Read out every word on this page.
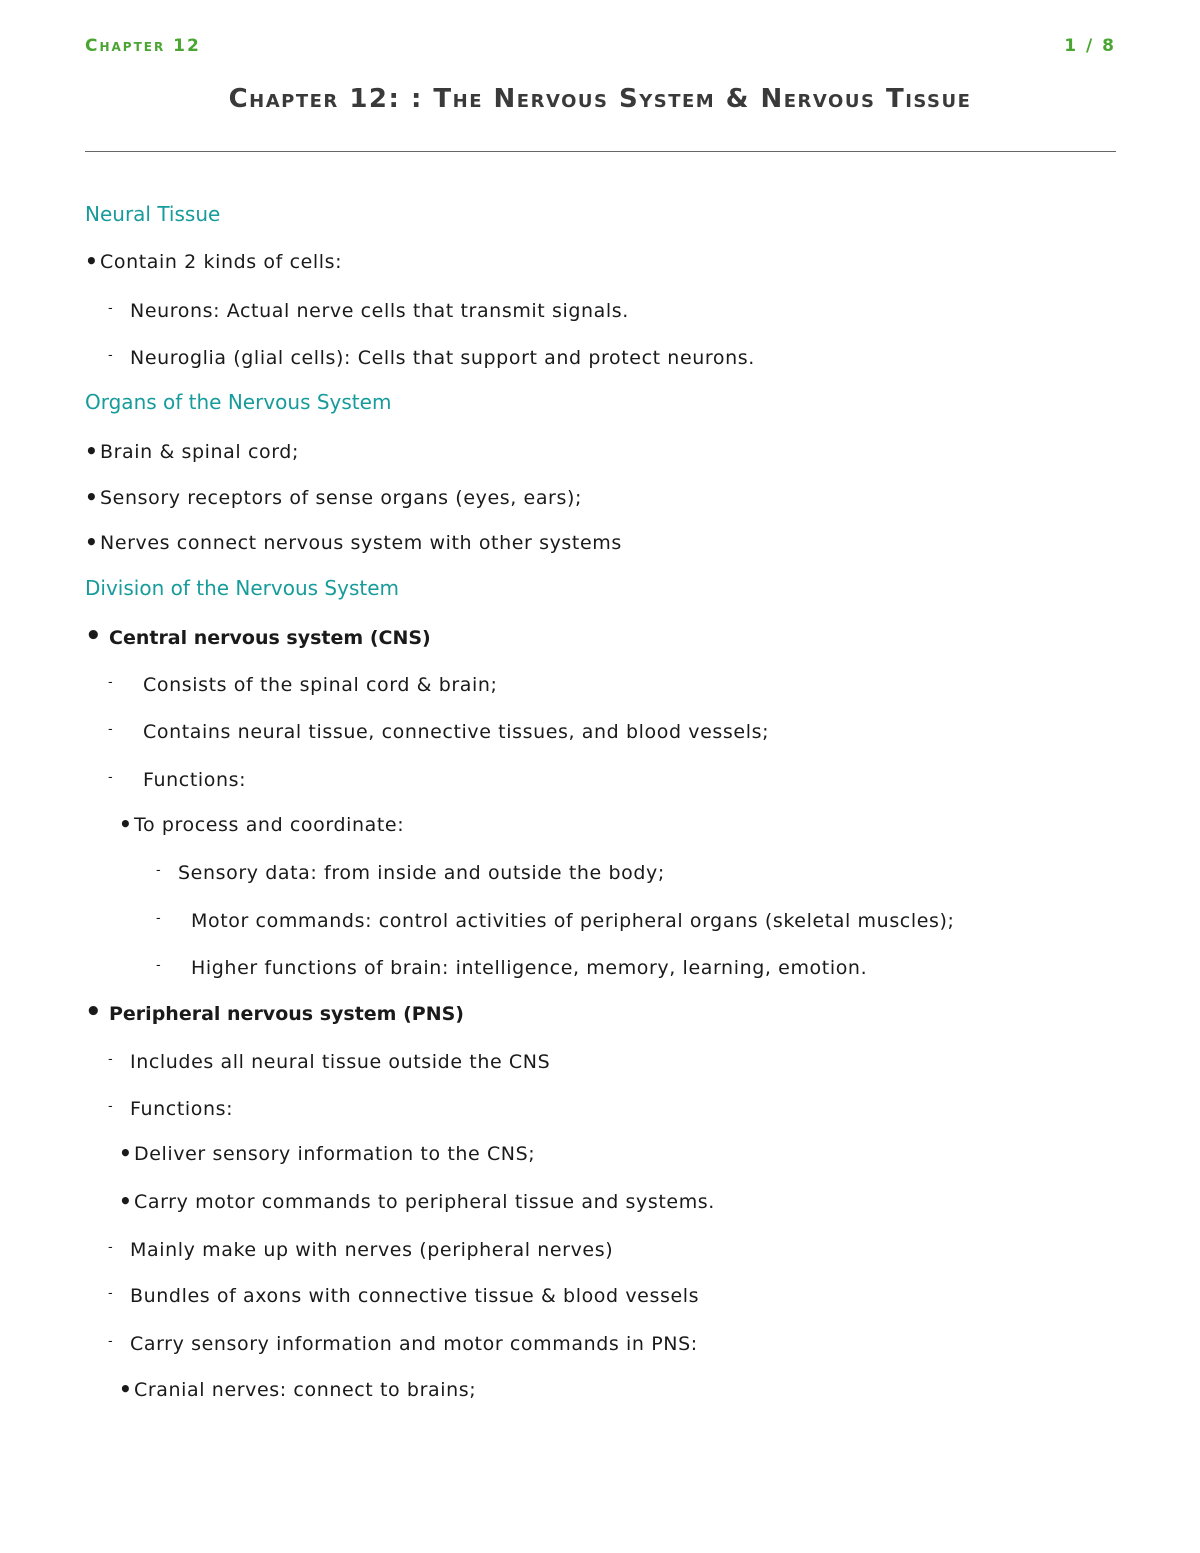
Chapter 12	1 / 8
Chapter 12: : The Nervous System & Nervous Tissue
Neural Tissue
•Contain 2 kinds of cells:
- Neurons: Actual nerve cells that transmit signals.
- Neuroglia (glial cells): Cells that support and protect neurons.
Organs of the Nervous System
•Brain & spinal cord;
•Sensory receptors of sense organs (eyes, ears);
•Nerves connect nervous system with other systems
Division of the Nervous System
• Central nervous system (CNS)
- Consists of the spinal cord & brain;
- Contains neural tissue, connective tissues, and blood vessels;
- Functions:
•To process and coordinate:
- Sensory data: from inside and outside the body;
- Motor commands: control activities of peripheral organs (skeletal muscles);
- Higher functions of brain: intelligence, memory, learning, emotion.
• Peripheral nervous system (PNS)
- Includes all neural tissue outside the CNS
- Functions:
•Deliver sensory information to the CNS;
•Carry motor commands to peripheral tissue and systems.
- Mainly make up with nerves (peripheral nerves)
- Bundles of axons with connective tissue & blood vessels
- Carry sensory information and motor commands in PNS:
•Cranial nerves: connect to brains;
